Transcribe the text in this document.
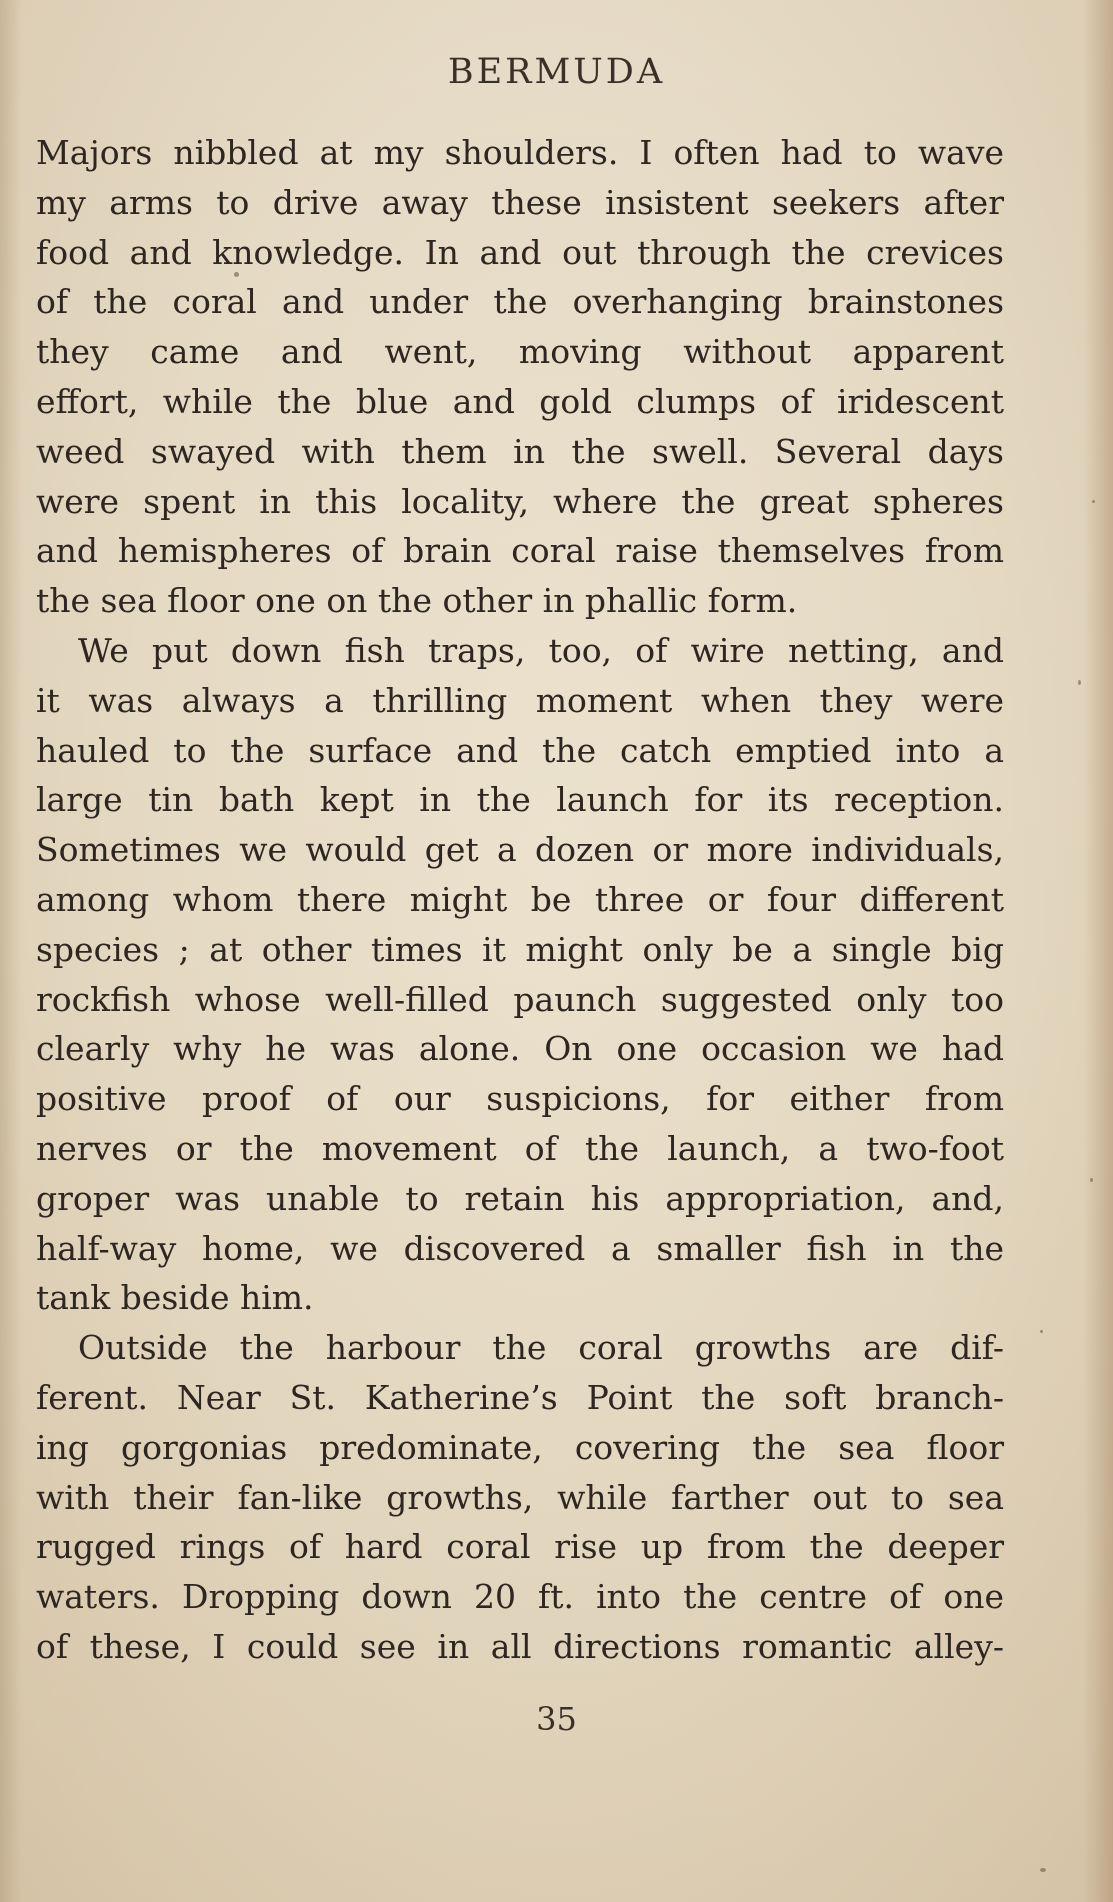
BERMUDA
Majors nibbled at my shoulders. I often had to wave
my arms to drive away these insistent seekers after
food and knowledge. In and out through the crevices
of the coral and under the overhanging brainstones
they came and went, moving without apparent
effort, while the blue and gold clumps of iridescent
weed swayed with them in the swell. Several days
were spent in this locality, where the great spheres
and hemispheres of brain coral raise themselves from
the sea floor one on the other in phallic form.
We put down fish traps, too, of wire netting, and
it was always a thrilling moment when they were
hauled to the surface and the catch emptied into a
large tin bath kept in the launch for its reception.
Sometimes we would get a dozen or more individuals,
among whom there might be three or four different
species ; at other times it might only be a single big
rockfish whose well-filled paunch suggested only too
clearly why he was alone. On one occasion we had
positive proof of our suspicions, for either from
nerves or the movement of the launch, a two-foot
groper was unable to retain his appropriation, and,
half-way home, we discovered a smaller fish in the
tank beside him.
Outside the harbour the coral growths are dif-
ferent. Near St. Katherine’s Point the soft branch-
ing gorgonias predominate, covering the sea floor
with their fan-like growths, while farther out to sea
rugged rings of hard coral rise up from the deeper
waters. Dropping down 20 ft. into the centre of one
of these, I could see in all directions romantic alley-
35
